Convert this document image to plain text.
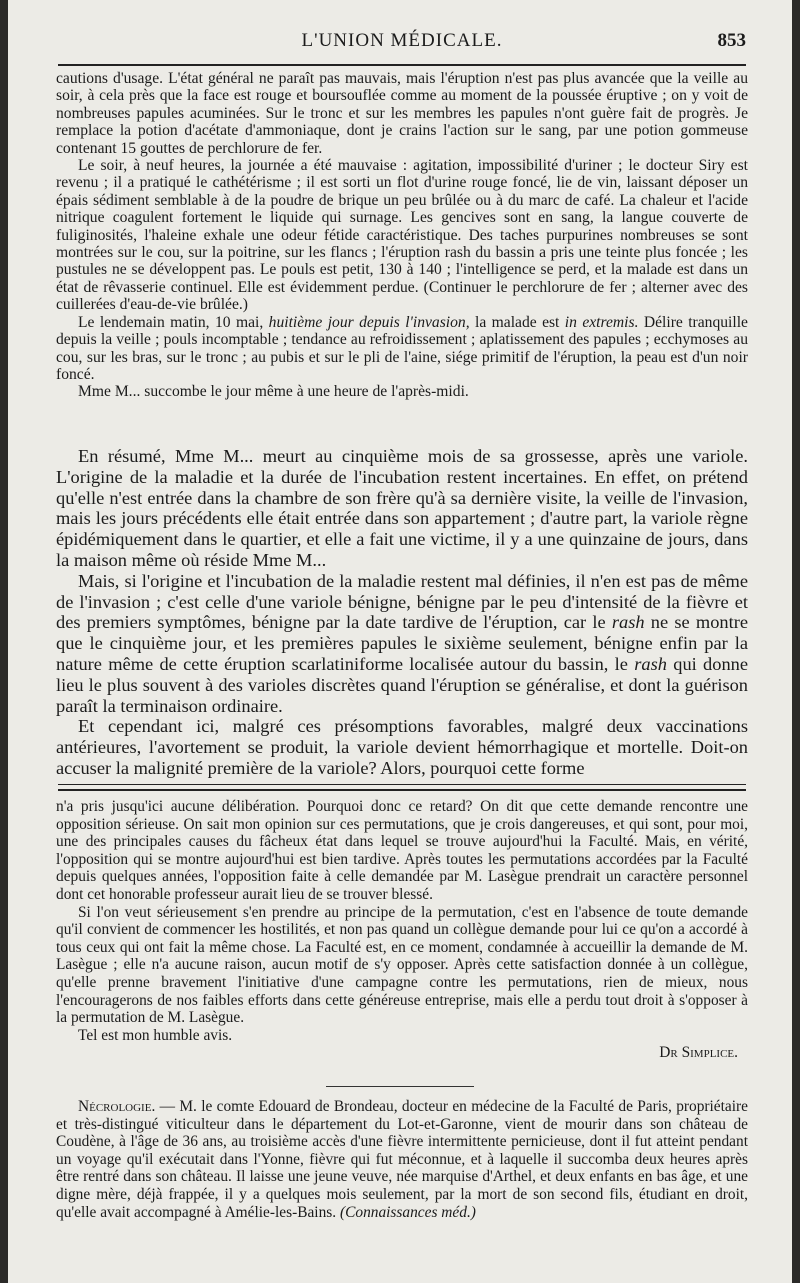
L'UNION MÉDICALE.	853

cautions d'usage. L'état général ne paraît pas mauvais, mais l'éruption n'est pas plus avancée que la veille au soir, à cela près que la face est rouge et boursouflée comme au moment de la poussée éruptive ; on y voit de nombreuses papules acuminées. Sur le tronc et sur les membres les papules n'ont guère fait de progrès. Je remplace la potion d'acétate d'ammoniaque, dont je crains l'action sur le sang, par une potion gommeuse contenant 15 gouttes de perchlorure de fer.

Le soir, à neuf heures, la journée a été mauvaise : agitation, impossibilité d'uriner ; le docteur Siry est revenu ; il a pratiqué le cathétérisme ; il est sorti un flot d'urine rouge foncé, lie de vin, laissant déposer un épais sédiment semblable à de la poudre de brique un peu brûlée ou à du marc de café. La chaleur et l'acide nitrique coagulent fortement le liquide qui surnage. Les gencives sont en sang, la langue couverte de fuliginosités, l'haleine exhale une odeur fétide caractéristique. Des taches purpurines nombreuses se sont montrées sur le cou, sur la poitrine, sur les flancs ; l'éruption rash du bassin a pris une teinte plus foncée ; les pustules ne se développent pas. Le pouls est petit, 130 à 140 ; l'intelligence se perd, et la malade est dans un état de rêvasserie continuel. Elle est évidemment perdue. (Continuer le perchlorure de fer ; alterner avec des cuillerées d'eau-de-vie brûlée.)

Le lendemain matin, 10 mai, huitième jour depuis l'invasion, la malade est in extremis. Délire tranquille depuis la veille ; pouls incomptable ; tendance au refroidissement ; aplatissement des papules ; ecchymoses au cou, sur les bras, sur le tronc ; au pubis et sur le pli de l'aine, siége primitif de l'éruption, la peau est d'un noir foncé.

Mme M... succombe le jour même à une heure de l'après-midi.

En résumé, Mme M... meurt au cinquième mois de sa grossesse, après une variole. L'origine de la maladie et la durée de l'incubation restent incertaines. En effet, on prétend qu'elle n'est entrée dans la chambre de son frère qu'à sa dernière visite, la veille de l'invasion, mais les jours précédents elle était entrée dans son appartement ; d'autre part, la variole règne épidémiquement dans le quartier, et elle a fait une victime, il y a une quinzaine de jours, dans la maison même où réside Mme M...

Mais, si l'origine et l'incubation de la maladie restent mal définies, il n'en est pas de même de l'invasion ; c'est celle d'une variole bénigne, bénigne par le peu d'intensité de la fièvre et des premiers symptômes, bénigne par la date tardive de l'éruption, car le rash ne se montre que le cinquième jour, et les premières papules le sixième seulement, bénigne enfin par la nature même de cette éruption scarlatiniforme localisée autour du bassin, le rash qui donne lieu le plus souvent à des varioles discrètes quand l'éruption se généralise, et dont la guérison paraît la terminaison ordinaire.

Et cependant ici, malgré ces présomptions favorables, malgré deux vaccinations antérieures, l'avortement se produit, la variole devient hémorrhagique et mortelle. Doit-on accuser la malignité première de la variole? Alors, pourquoi cette forme

n'a pris jusqu'ici aucune délibération. Pourquoi donc ce retard? On dit que cette demande rencontre une opposition sérieuse. On sait mon opinion sur ces permutations, que je crois dangereuses, et qui sont, pour moi, une des principales causes du fâcheux état dans lequel se trouve aujourd'hui la Faculté. Mais, en vérité, l'opposition qui se montre aujourd'hui est bien tardive. Après toutes les permutations accordées par la Faculté depuis quelques années, l'opposition faite à celle demandée par M. Lasègue prendrait un caractère personnel dont cet honorable professeur aurait lieu de se trouver blessé.

Si l'on veut sérieusement s'en prendre au principe de la permutation, c'est en l'absence de toute demande qu'il convient de commencer les hostilités, et non pas quand un collègue demande pour lui ce qu'on a accordé à tous ceux qui ont fait la même chose. La Faculté est, en ce moment, condamnée à accueillir la demande de M. Lasègue ; elle n'a aucune raison, aucun motif de s'y opposer. Après cette satisfaction donnée à un collègue, qu'elle prenne bravement l'initiative d'une campagne contre les permutations, rien de mieux, nous l'encouragerons de nos faibles efforts dans cette généreuse entreprise, mais elle a perdu tout droit à s'opposer à la permutation de M. Lasègue.

Tel est mon humble avis.

Dr Simplice.

Nécrologie. — M. le comte Edouard de Brondeau, docteur en médecine de la Faculté de Paris, propriétaire et très-distingué viticulteur dans le département du Lot-et-Garonne, vient de mourir dans son château de Coudène, à l'âge de 36 ans, au troisième accès d'une fièvre intermittente pernicieuse, dont il fut atteint pendant un voyage qu'il exécutait dans l'Yonne, fièvre qui fut méconnue, et à laquelle il succomba deux heures après être rentré dans son château. Il laisse une jeune veuve, née marquise d'Arthel, et deux enfants en bas âge, et une digne mère, déjà frappée, il y a quelques mois seulement, par la mort de son second fils, étudiant en droit, qu'elle avait accompagné à Amélie-les-Bains. (Connaissances méd.)
